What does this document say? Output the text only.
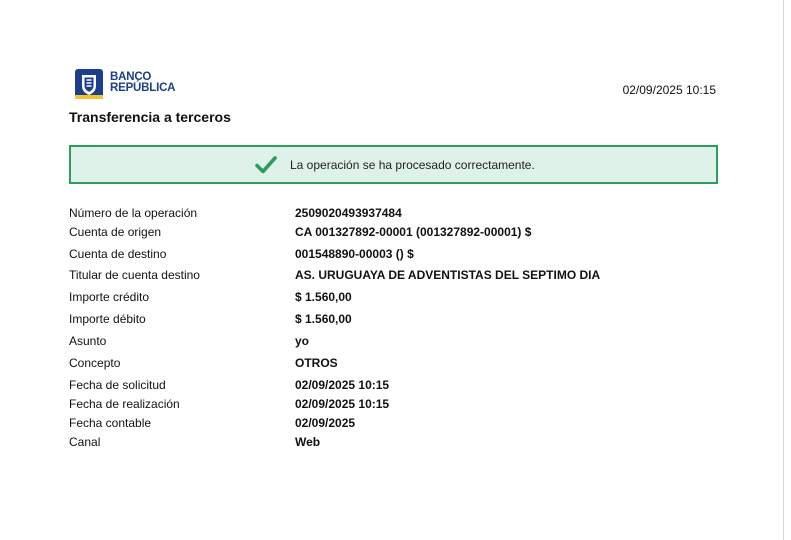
BANCO
REPÚBLICA	02/09/2025 10:15
Transferencia a terceros
La operación se ha procesado correctamente.
Número de la operación	2509020493937484
Cuenta de origen	CA 001327892-00001 (001327892-00001) $
Cuenta de destino	001548890-00003 () $
Titular de cuenta destino	AS. URUGUAYA DE ADVENTISTAS DEL SEPTIMO DIA
Importe crédito	$ 1.560,00
Importe débito	$ 1.560,00
Asunto	yo
Concepto	OTROS
Fecha de solicitud	02/09/2025 10:15
Fecha de realización	02/09/2025 10:15
Fecha contable	02/09/2025
Canal	Web
